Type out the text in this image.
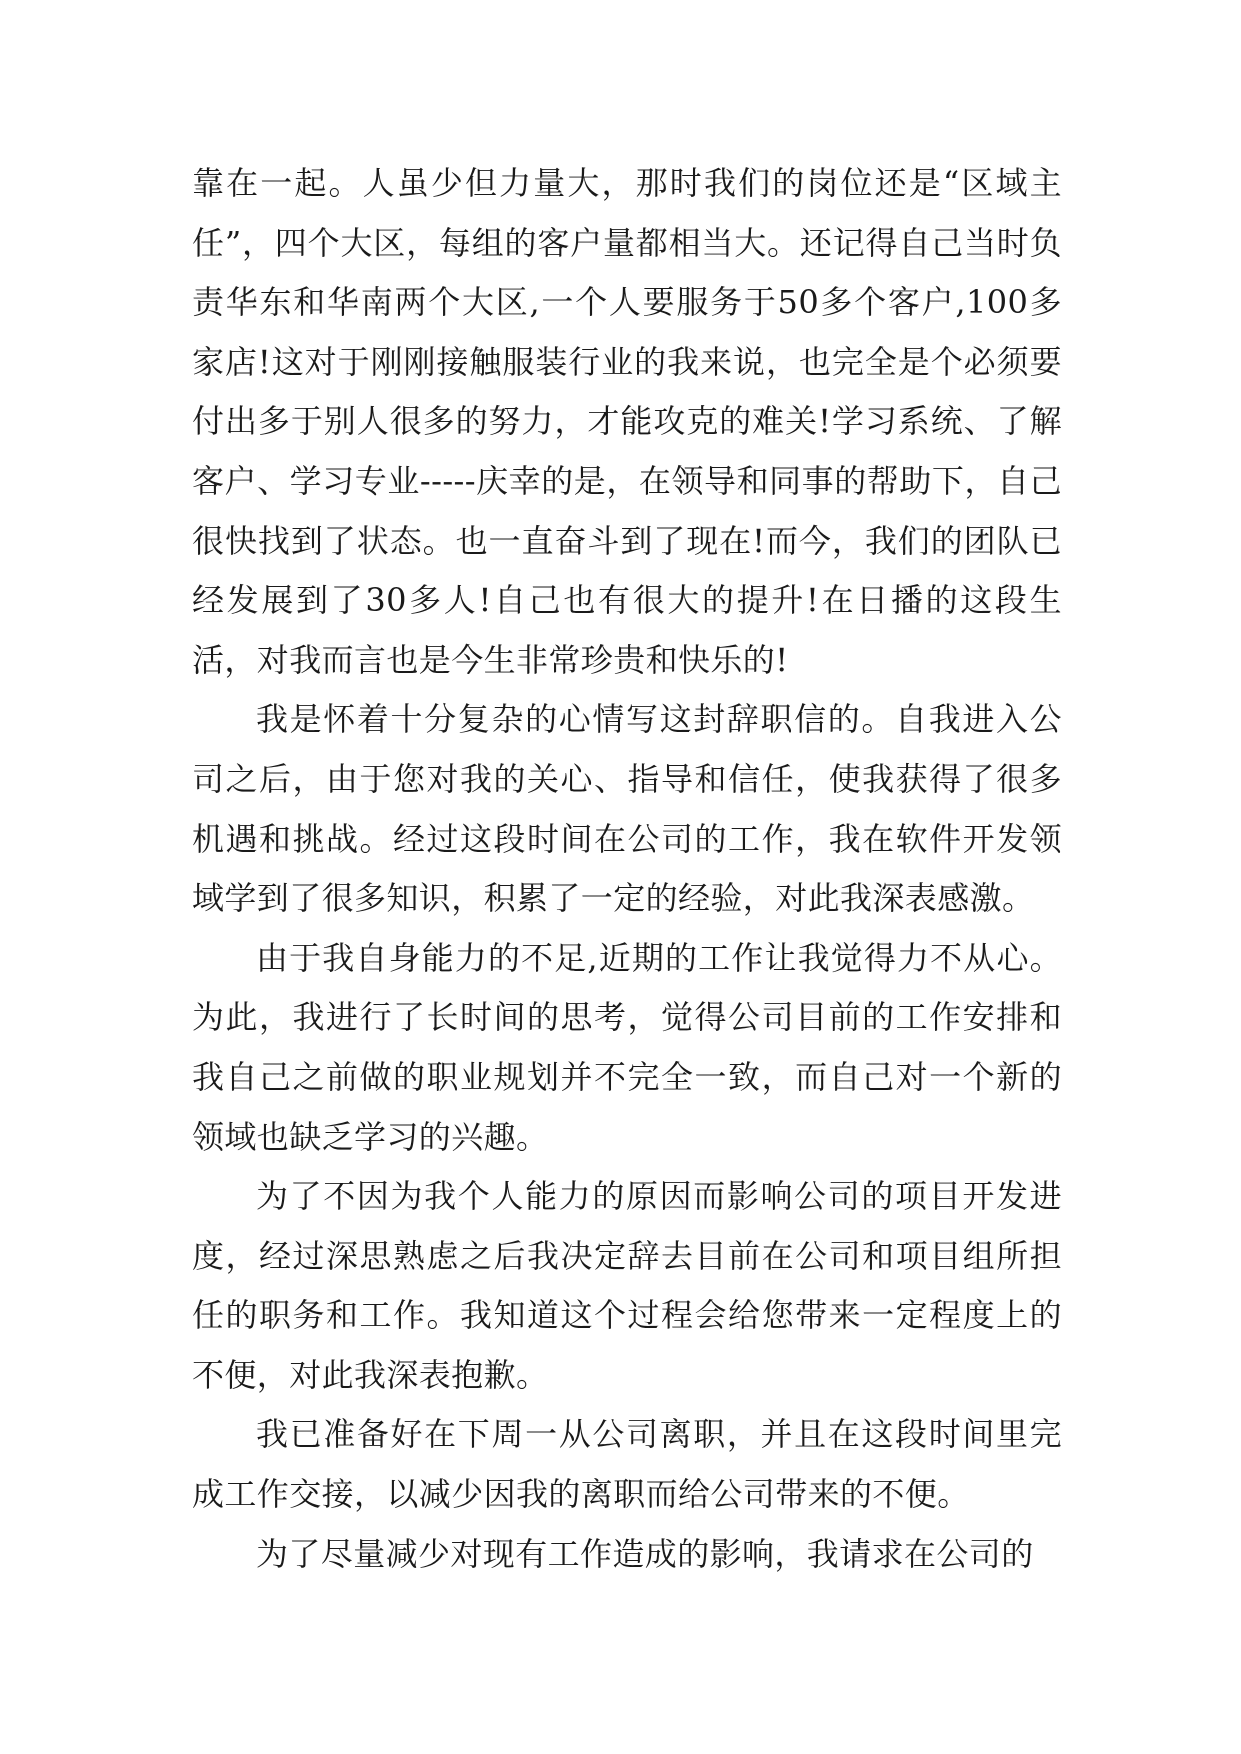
靠在一起。人虽少但力量大，那时我们的岗位还是“区域主任”，四个大区，每组的客户量都相当大。还记得自己当时负责华东和华南两个大区,一个人要服务于50多个客户,100多家店!这对于刚刚接触服装行业的我来说，也完全是个必须要付出多于别人很多的努力，才能攻克的难关!学习系统、了解客户、学习专业-----庆幸的是，在领导和同事的帮助下，自己很快找到了状态。也一直奋斗到了现在!而今，我们的团队已经发展到了30多人!自己也有很大的提升!在日播的这段生活，对我而言也是今生非常珍贵和快乐的!

我是怀着十分复杂的心情写这封辞职信的。自我进入公司之后，由于您对我的关心、指导和信任，使我获得了很多机遇和挑战。经过这段时间在公司的工作，我在软件开发领域学到了很多知识，积累了一定的经验，对此我深表感激。

由于我自身能力的不足,近期的工作让我觉得力不从心。为此，我进行了长时间的思考，觉得公司目前的工作安排和我自己之前做的职业规划并不完全一致，而自己对一个新的领域也缺乏学习的兴趣。

为了不因为我个人能力的原因而影响公司的项目开发进度，经过深思熟虑之后我决定辞去目前在公司和项目组所担任的职务和工作。我知道这个过程会给您带来一定程度上的不便，对此我深表抱歉。

我已准备好在下周一从公司离职，并且在这段时间里完成工作交接，以减少因我的离职而给公司带来的不便。

为了尽量减少对现有工作造成的影响，我请求在公司的
